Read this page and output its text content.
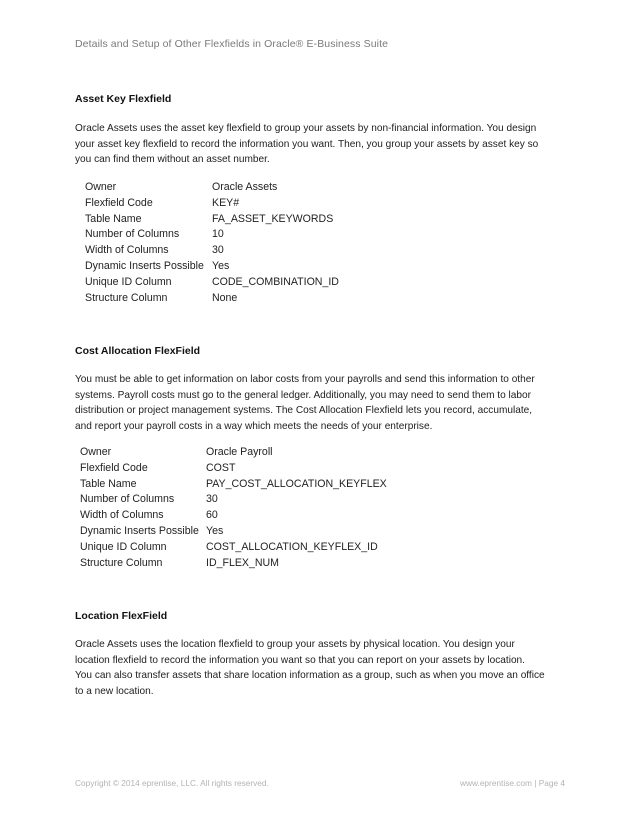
Details and Setup of Other Flexfields in Oracle® E-Business Suite
Asset Key Flexfield

Oracle Assets uses the asset key flexfield to group your assets by non-financial information. You design
your asset key flexfield to record the information you want. Then, you group your assets by asset key so
you can find them without an asset number.

Owner	Oracle Assets
Flexfield Code	KEY#
Table Name	FA_ASSET_KEYWORDS
Number of Columns	10
Width of Columns	30
Dynamic Inserts Possible	Yes
Unique ID Column	CODE_COMBINATION_ID
Structure Column	None
Cost Allocation FlexField

You must be able to get information on labor costs from your payrolls and send this information to other
systems. Payroll costs must go to the general ledger. Additionally, you may need to send them to labor
distribution or project management systems. The Cost Allocation Flexfield lets you record, accumulate,
and report your payroll costs in a way which meets the needs of your enterprise.

Owner	Oracle Payroll
Flexfield Code	COST
Table Name	PAY_COST_ALLOCATION_KEYFLEX
Number of Columns	30
Width of Columns	60
Dynamic Inserts Possible	Yes
Unique ID Column	COST_ALLOCATION_KEYFLEX_ID
Structure Column	ID_FLEX_NUM
Location FlexField

Oracle Assets uses the location flexfield to group your assets by physical location. You design your
location flexfield to record the information you want so that you can report on your assets by location.
You can also transfer assets that share location information as a group, such as when you move an office
to a new location.

Copyright © 2014 eprentise, LLC. All rights reserved.	www.eprentise.com | Page 4
